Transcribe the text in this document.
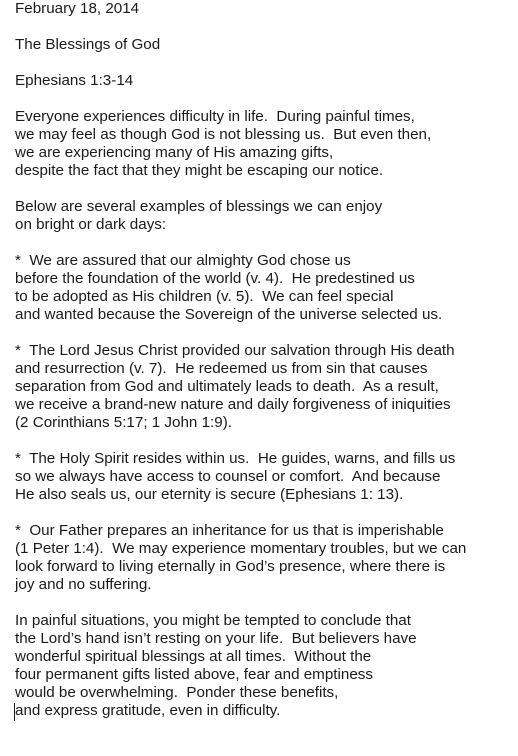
February 18, 2014
The Blessings of God
Ephesians 1:3-14
Everyone experiences difficulty in life.  During painful times,
we may feel as though God is not blessing us.  But even then,
we are experiencing many of His amazing gifts,
despite the fact that they might be escaping our notice.
Below are several examples of blessings we can enjoy
on bright or dark days:
*  We are assured that our almighty God chose us
before the foundation of the world (v. 4).  He predestined us
to be adopted as His children (v. 5).  We can feel special
and wanted because the Sovereign of the universe selected us.
*  The Lord Jesus Christ provided our salvation through His death
and resurrection (v. 7).  He redeemed us from sin that causes
separation from God and ultimately leads to death.  As a result,
we receive a brand-new nature and daily forgiveness of iniquities
(2 Corinthians 5:17; 1 John 1:9).
*  The Holy Spirit resides within us.  He guides, warns, and fills us
so we always have access to counsel or comfort.  And because
He also seals us, our eternity is secure (Ephesians 1: 13).
*  Our Father prepares an inheritance for us that is imperishable
(1 Peter 1:4).  We may experience momentary troubles, but we can
look forward to living eternally in God’s presence, where there is
joy and no suffering.
In painful situations, you might be tempted to conclude that
the Lord’s hand isn’t resting on your life.  But believers have
wonderful spiritual blessings at all times.  Without the
four permanent gifts listed above, fear and emptiness
would be overwhelming.  Ponder these benefits,
and express gratitude, even in difficulty.
